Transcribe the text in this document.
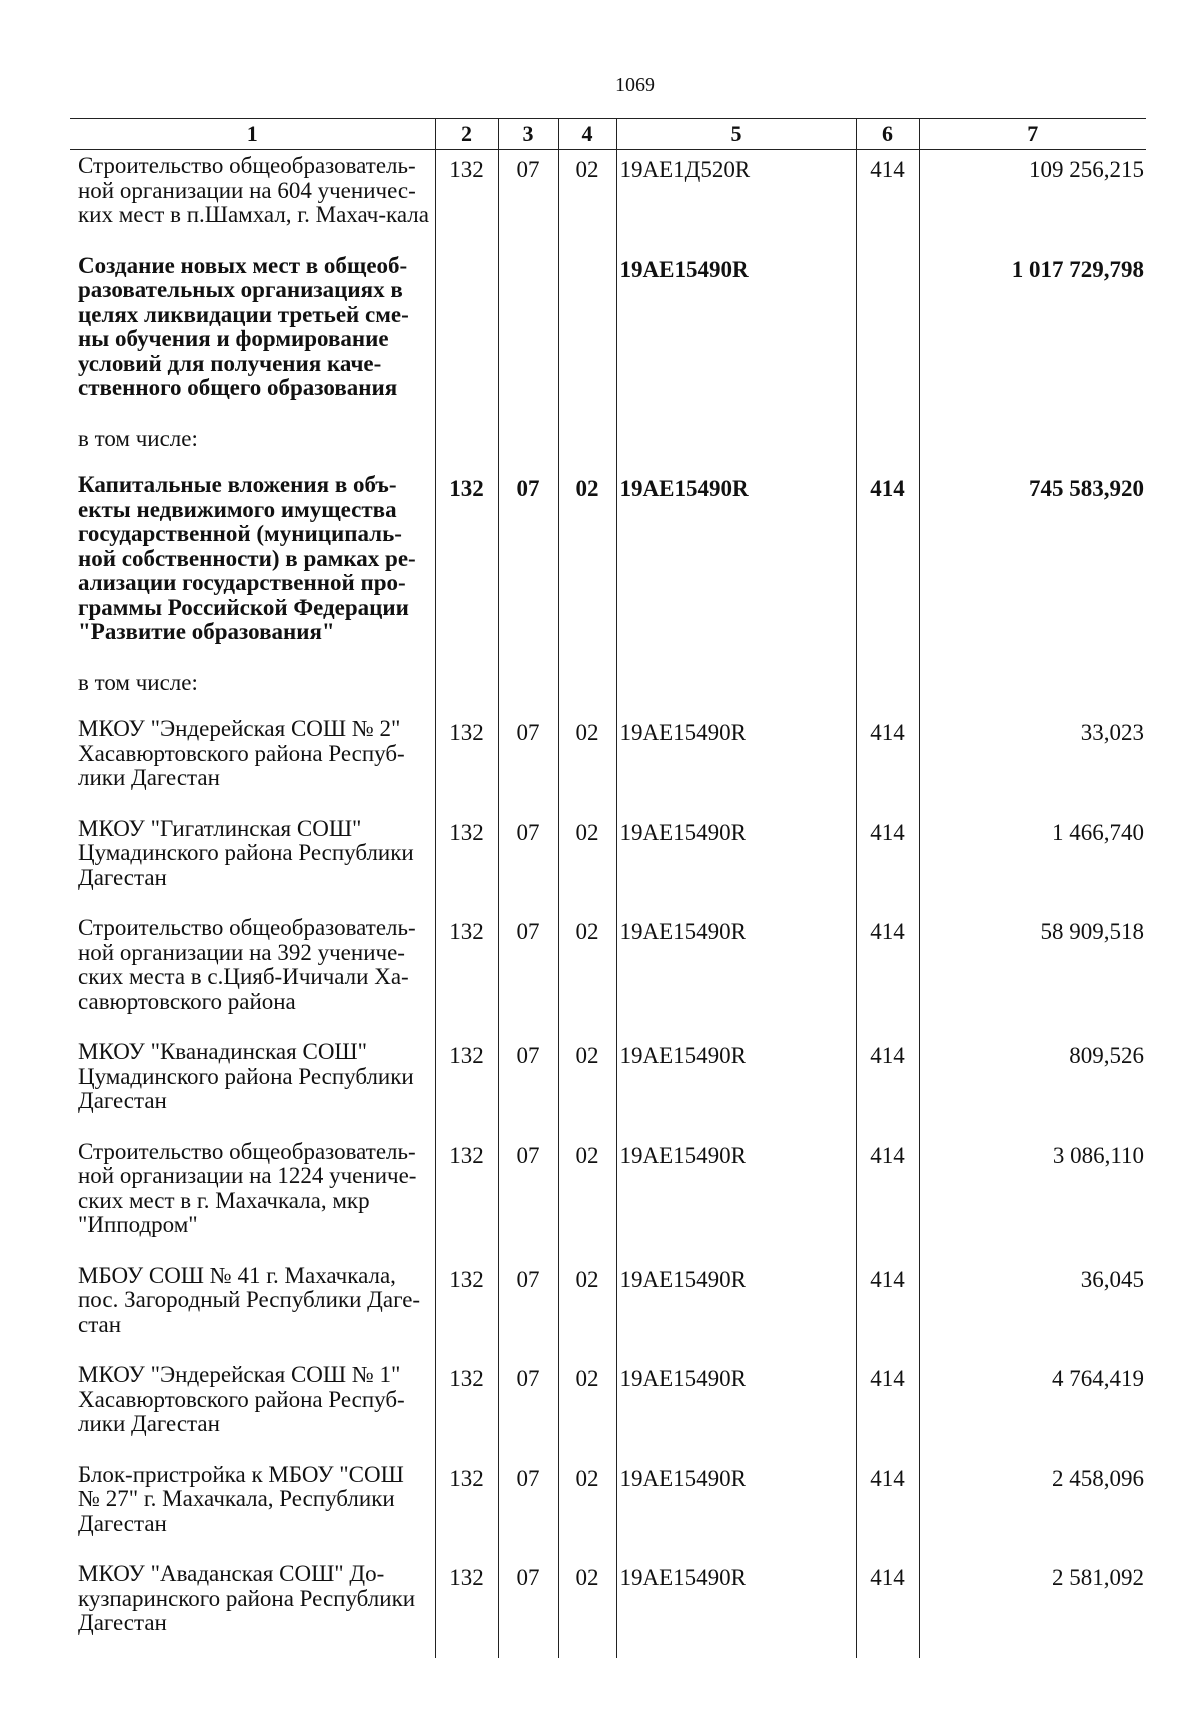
1069
1	2	3	4	5	6	7
Строительство общеобразователь-ной организации на 604 ученичес-ких мест в п.Шамхал, г. Махач-кала	132	07	02	19АЕ1Д520R	414	109 256,215
Создание новых мест в общеоб-разовательных организациях в целях ликвидации третьей сме-ны обучения и формирование условий для получения каче-ственного общего образования				19АЕ15490R		1 017 729,798
в том числе:						
Капитальные вложения в объ-екты недвижимого имущества государственной (муниципаль-ной собственности) в рамках ре-ализации государственной про-граммы Российской Федерации "Развитие образования"	132	07	02	19АЕ15490R	414	745 583,920
в том числе:						
МКОУ "Эндерейская СОШ № 2" Хасавюртовского района Респуб-лики Дагестан	132	07	02	19АЕ15490R	414	33,023
МКОУ "Гигатлинская СОШ" Цумадинского района Республики Дагестан	132	07	02	19АЕ15490R	414	1 466,740
Строительство общеобразователь-ной организации на 392 учениче-ских места в с.Цияб-Ичичали Ха-савюртовского района	132	07	02	19АЕ15490R	414	58 909,518
МКОУ "Кванадинская СОШ" Цумадинского района Республики Дагестан	132	07	02	19АЕ15490R	414	809,526
Строительство общеобразователь-ной организации на 1224 учениче-ских мест в г. Махачкала, мкр "Ипподром"	132	07	02	19АЕ15490R	414	3 086,110
МБОУ СОШ № 41 г. Махачкала, пос. Загородный Республики Даге-стан	132	07	02	19АЕ15490R	414	36,045
МКОУ "Эндерейская СОШ № 1" Хасавюртовского района Респуб-лики Дагестан	132	07	02	19АЕ15490R	414	4 764,419
Блок-пристройка к МБОУ "СОШ № 27" г. Махачкала, Республики Дагестан	132	07	02	19АЕ15490R	414	2 458,096
МКОУ "Аваданская СОШ" До-кузпаринского района Республики Дагестан	132	07	02	19АЕ15490R	414	2 581,092
